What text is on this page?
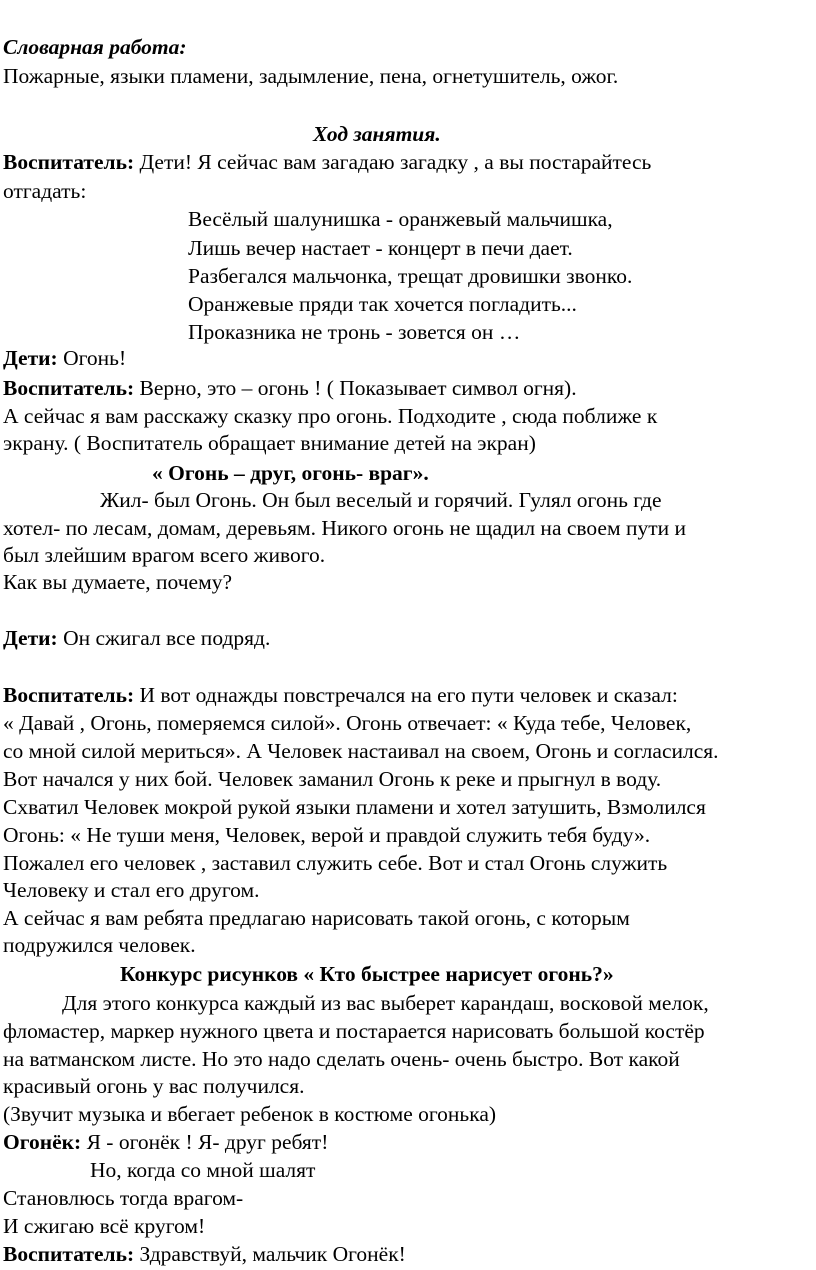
Словарная работа:

Пожарные, языки пламени, задымление, пена, огнетушитель, ожог.

Ход занятия.

Воспитатель: Дети! Я сейчас вам загадаю загадку , а вы постарайтесь

отгадать:

Весёлый шалунишка - оранжевый мальчишка,

Лишь вечер настает - концерт в печи дает.

Разбегался мальчонка, трещат дровишки звонко.

Оранжевые пряди так хочется погладить...

Проказника не тронь - зовется он …

Дети: Огонь!

Воспитатель: Верно, это – огонь ! ( Показывает символ огня).

А сейчас я вам расскажу сказку про огонь. Подходите , сюда поближе к

экрану. ( Воспитатель обращает внимание детей на экран)

« Огонь – друг, огонь- враг».

Жил- был Огонь. Он был веселый и горячий. Гулял огонь где

хотел- по лесам, домам, деревьям. Никого огонь не щадил на своем пути и

был злейшим врагом всего живого.

Как вы думаете, почему?

Дети: Он сжигал все подряд.

Воспитатель: И вот однажды повстречался на его пути человек и сказал:

« Давай , Огонь, померяемся силой». Огонь отвечает: « Куда тебе, Человек,

со мной силой мериться». А Человек настаивал на своем, Огонь и согласился.

Вот начался у них бой. Человек заманил Огонь к реке и прыгнул в воду.

Схватил Человек мокрой рукой языки пламени и хотел затушить, Взмолился

Огонь: « Не туши меня, Человек, верой и правдой служить тебя буду».

Пожалел его человек , заставил служить себе. Вот и стал Огонь служить

Человеку и стал его другом.

А сейчас я вам ребята предлагаю нарисовать такой огонь, с которым

подружился человек.

Конкурс рисунков « Кто быстрее нарисует огонь?»

Для этого конкурса каждый из вас выберет карандаш, восковой мелок,

фломастер, маркер нужного цвета и постарается нарисовать большой костёр

на ватманском листе. Но это надо сделать очень- очень быстро. Вот какой

красивый огонь у вас получился.

(Звучит музыка и вбегает ребенок в костюме огонька)

Огонёк: Я - огонёк ! Я- друг ребят!

Но, когда со мной шалят

Становлюсь тогда врагом-

И сжигаю всё кругом!

Воспитатель: Здравствуй, мальчик Огонёк!
